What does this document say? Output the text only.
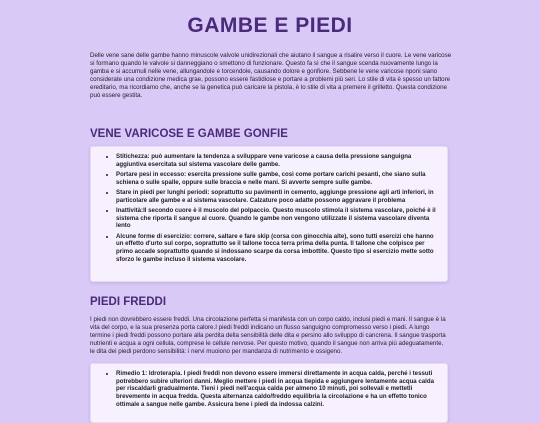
GAMBE E PIEDI

Delle vene sane delle gambe hanno minuscole valvole unidirezionali che aiutano il sangue a risalire verso il cuore. Le vene varicose si formano quando le valvole si danneggiano o smettono di funzionare. Questo fa sì che il sangue scenda nuovamente lungo la gamba e si accumuli nelle vene, allungandole e torcendole, causando dolore e gonfiore. Sebbene le vene varicose nponi siano considerate una condizione medica grae, possono essere fastidiose e portare a problemi più seri. Lo stile di vita è spesso un fattore ereditario, ma ricordiamo che, anche se la genetica può caricare la pistola, è lo stile di vita a premere il grilletto. Questa condizione può essere gestita.

VENE VARICOSE E GAMBE GONFIE
• Stitichezza: può aumentare la tendenza a sviluppare vene varicose a causa della pressione sanguigna aggiuntiva esercitata sul sistema vascolare delle gambe.
• Portare pesi in eccesso: esercita pressione sulle gambe, così come portare carichi pesanti, che siano sulla schiena o sulle spalle, oppure sulle braccia e nelle mani. Si avverte sempre sulle gambe.
• Stare in piedi per lunghi periodi: soprattutto su pavimenti in cemento, aggiunge pressione agli arti inferiori, in particolare alle gambe e al sistema vascolare. Calzature poco adatte possono aggravare il problema
• Inattività:Il secondo cuore è il muscolo del polpaccio. Questo muscolo stimola il sistema vascolare, poiché è il sistema che riporta il sangue al cuore. Quando le gambe non vengono utilizzate il sistema vascolare diventa lento
• Alcune forme di esercizio: correre, saltare e fare skip (corsa con ginocchia alte), sono tutti esercizi che hanno un effetto d'urto sul corpo, soprattutto se il tallone tocca terra prima della punta. Il tallone che colpisce per primo accade soprattutto quando si indossano scarpe da corsa imbottite. Questo tipo si esercizio mette sotto sforzo le gambe incluso il sistema vascolare.
PIEDI FREDDI

I piedi non dovrebbero essere freddi. Una circolazione perfetta si manifesta con un corpo caldo, inclusi piedi e mani. Il sangue è la vita del corpo, e la sua presenza porta calore.I piedi freddi indicano un flusso sanguigno compromesso verso i piedi. A lungo termine i piedi freddi possono portare alla perdita della sensibilità delle dita e persino allo sviluppo di cancrena. Il sangue trasporta nutrienti e acqua a ogni cellula, comprese le cellule nervose. Per questo motivo, quando il sangue non arriva più adeguatamente, le dita dei piedi perdono sensibilità: i nervi muoiono per mandanza di nutrimento e ossigeno.

• Rimedio 1: Idroterapia. I piedi freddi non devono essere immersi direttamente in acqua calda, perché i tessuti potrebbero subire ulteriori danni. Meglio mettere i piedi in acqua tiepida e aggiungere lentamente acqua calda per riscaldarli gradualmente. Tieni i piedi nell'acqua calda per almeno 10 minuti, poi sollevali e mettetli brevemente in acqua fredda. Questa alternanza caldo/freddo equilibria la circolazione e ha un effetto tonico ottimale a sangue nelle gambe. Assicura bene i piedi da indossa calzini.
